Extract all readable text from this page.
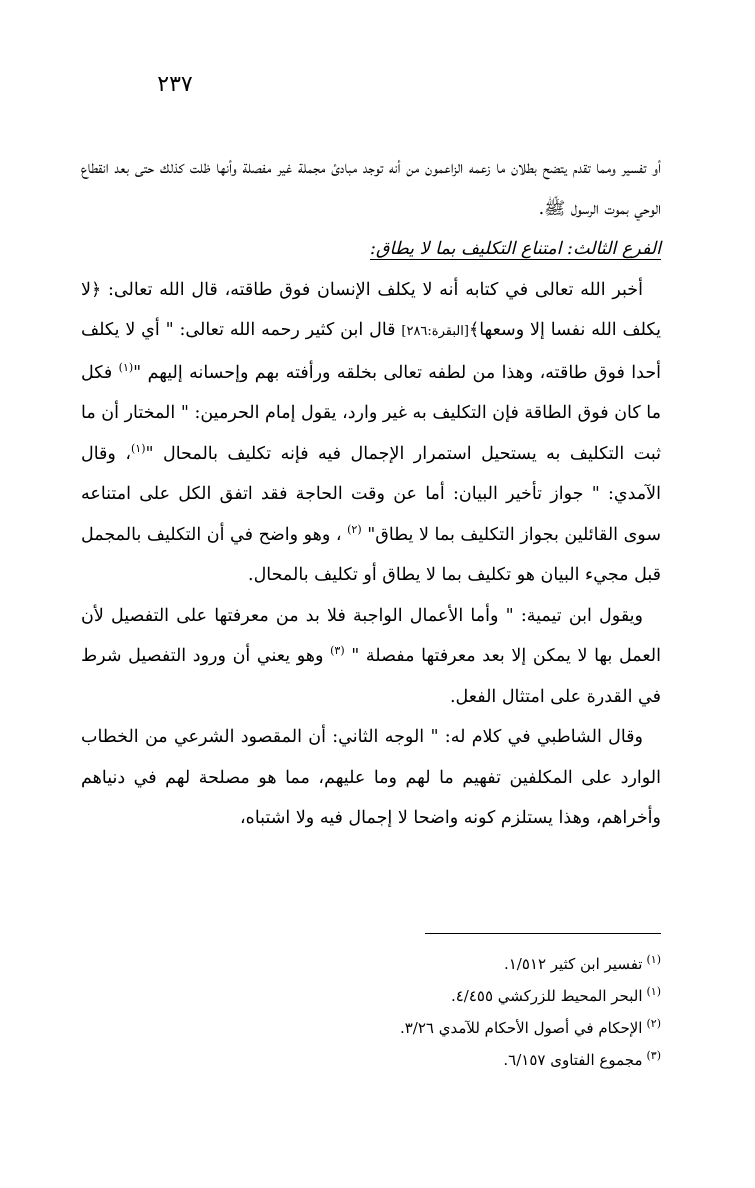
٢٣٧

أو تفسير ومما تقدم يتضح بطلان ما زعمه الزاعمون من أنه توجد مبادئ مجملة غير مفصلة وأنها ظلت كذلك حتى بعد انقطاع الوحي بموت الرسول ﷺ.

الفرع الثالث: امتناع التكليف بما لا يطاق:

أخبر الله تعالى في كتابه أنه لا يكلف الإنسان فوق طاقته، قال الله تعالى: ﴿لا يكلف الله نفسا إلا وسعها﴾[البقرة:٢٨٦] قال ابن كثير رحمه الله تعالى: " أي لا يكلف أحدا فوق طاقته، وهذا من لطفه تعالى بخلقه ورأفته بهم وإحسانه إليهم "$^{(١)}$ فكل ما كان فوق الطاقة فإن التكليف به غير وارد، يقول إمام الحرمين: " المختار أن ما ثبت التكليف به يستحيل استمرار الإجمال فيه فإنه تكليف بالمحال "$^{(١)}$، وقال الآمدي: " جواز تأخير البيان: أما عن وقت الحاجة فقد اتفق الكل على امتناعه سوى القائلين بجواز التكليف بما لا يطاق" $^{(٢)}$ ، وهو واضح في أن التكليف بالمجمل قبل مجيء البيان هو تكليف بما لا يطاق أو تكليف بالمحال.

ويقول ابن تيمية: " وأما الأعمال الواجبة فلا بد من معرفتها على التفصيل لأن العمل بها لا يمكن إلا بعد معرفتها مفصلة " $^{(٣)}$ وهو يعني أن ورود التفصيل شرط في القدرة على امتثال الفعل.

وقال الشاطبي في كلام له: " الوجه الثاني: أن المقصود الشرعي من الخطاب الوارد على المكلفين تفهيم ما لهم وما عليهم، مما هو مصلحة لهم في دنياهم وأخراهم، وهذا يستلزم كونه واضحا لا إجمال فيه ولا اشتباه،

$^{(١)}$تفسير ابن كثير ١/٥١٢.

$^{(١)}$البحر المحيط للزركشي ٤/٤٥٥.

$^{(٢)}$الإحكام في أصول الأحكام للآمدي ٣/٢٦.

$^{(٣)}$مجموع الفتاوى ٦/١٥٧.
